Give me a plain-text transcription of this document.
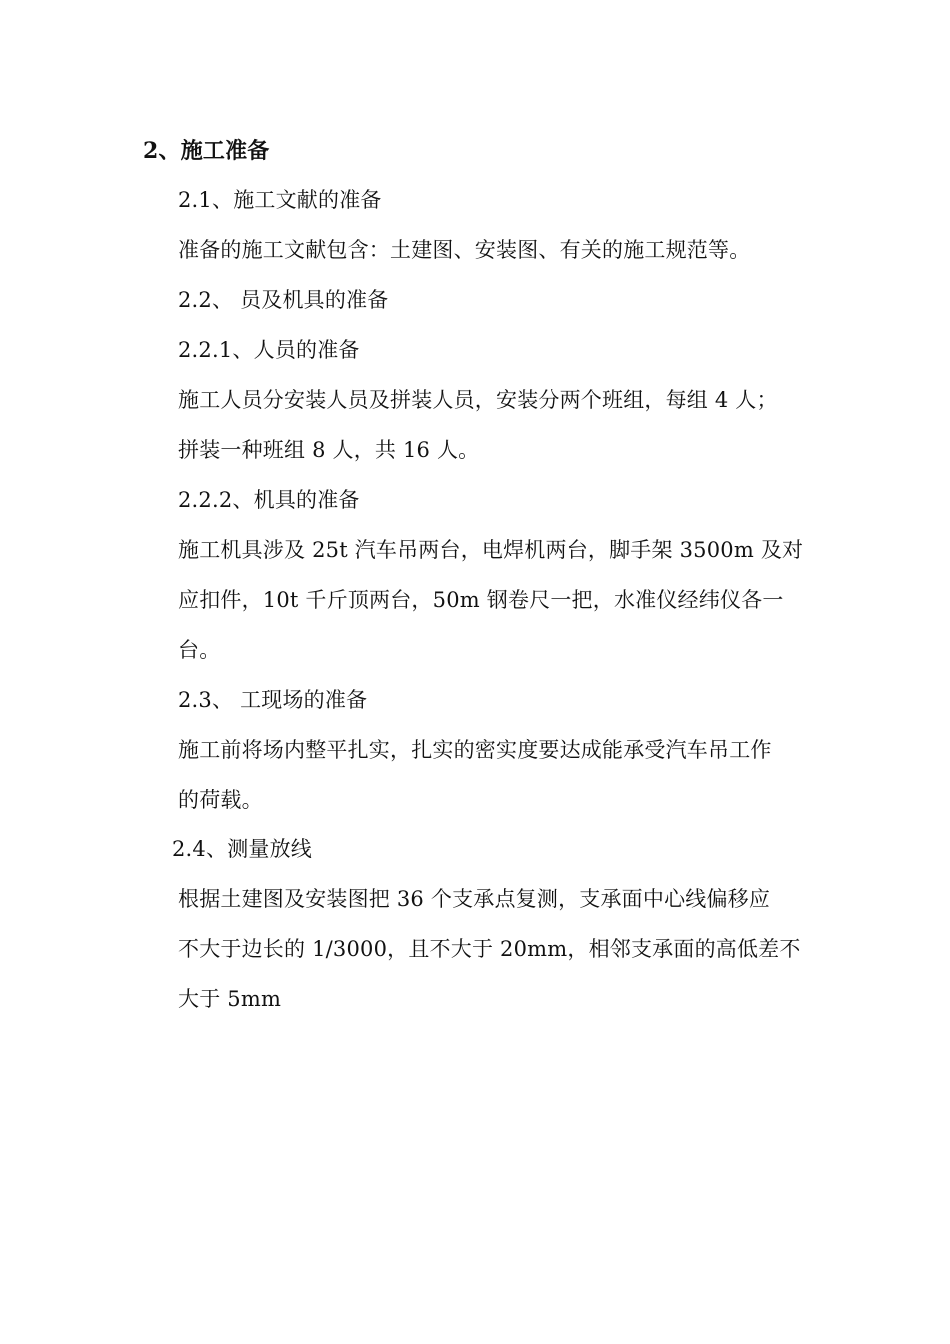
2、施工准备
2.1、施工文献的准备
准备的施工文献包含：土建图、安装图、有关的施工规范等。
2.2、 员及机具的准备
2.2.1、人员的准备
施工人员分安装人员及拼装人员，安装分两个班组，每组 4 人；
拼装一种班组 8 人，共 16 人。
2.2.2、机具的准备
施工机具涉及 25t 汽车吊两台，电焊机两台，脚手架 3500m 及对
应扣件，10t 千斤顶两台，50m 钢卷尺一把，水准仪经纬仪各一
台。
2.3、 工现场的准备
施工前将场内整平扎实，扎实的密实度要达成能承受汽车吊工作
的荷载。
2.4、测量放线
根据土建图及安装图把 36 个支承点复测，支承面中心线偏移应
不大于边长的 1/3000，且不大于 20mm，相邻支承面的高低差不
大于 5mm
